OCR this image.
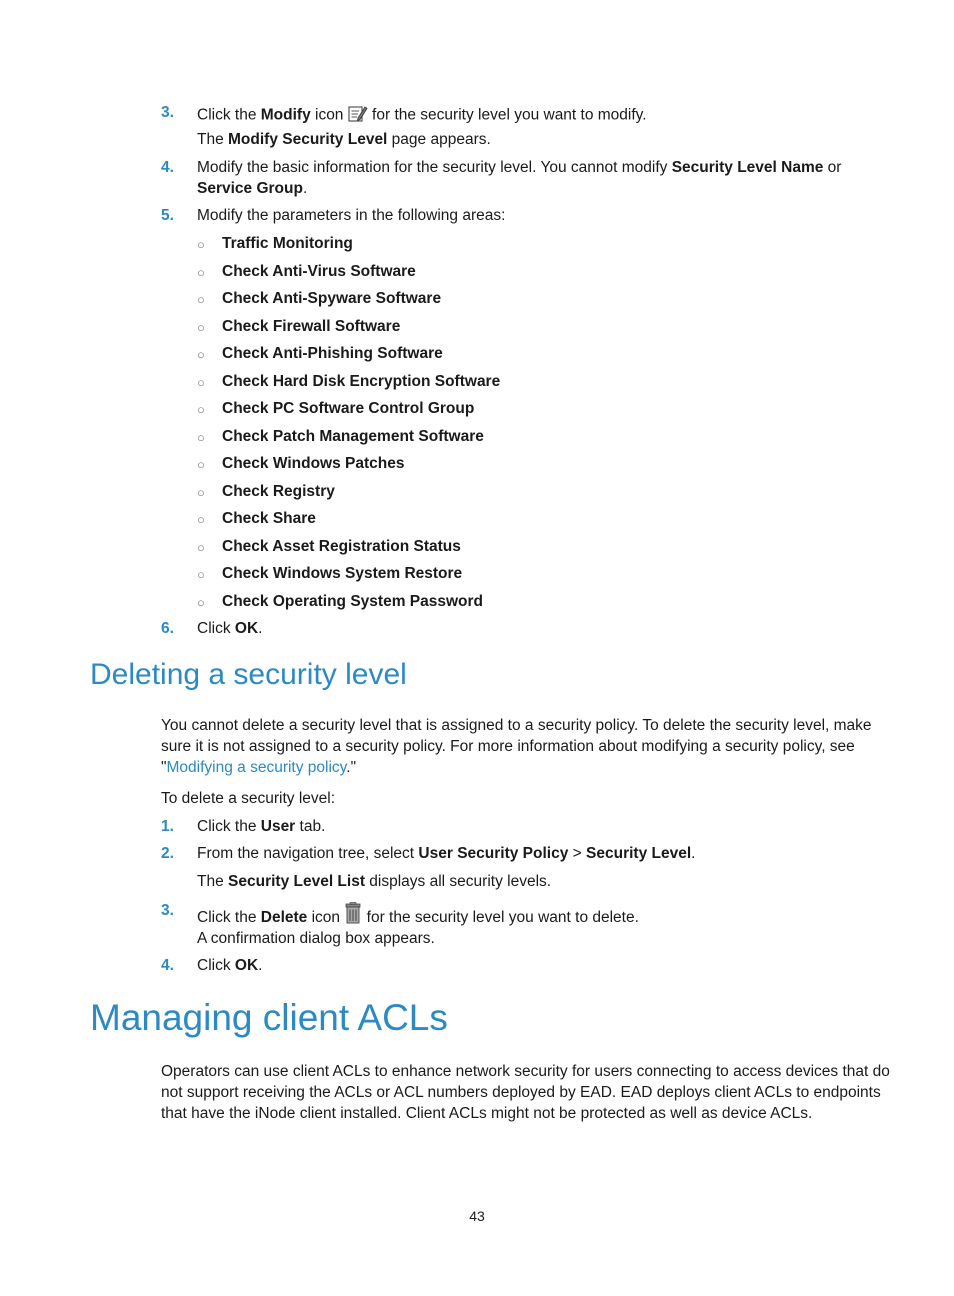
3. Click the Modify icon  for the security level you want to modify.
The Modify Security Level page appears.
4. Modify the basic information for the security level. You cannot modify Security Level Name or
Service Group.
5. Modify the parameters in the following areas:
○ Traffic Monitoring
○ Check Anti-Virus Software
○ Check Anti-Spyware Software
○ Check Firewall Software
○ Check Anti-Phishing Software
○ Check Hard Disk Encryption Software
○ Check PC Software Control Group
○ Check Patch Management Software
○ Check Windows Patches
○ Check Registry
○ Check Share
○ Check Asset Registration Status
○ Check Windows System Restore
○ Check Operating System Password
6. Click OK.
Deleting a security level
You cannot delete a security level that is assigned to a security policy. To delete the security level, make
sure it is not assigned to a security policy. For more information about modifying a security policy, see
"Modifying a security policy."
To delete a security level:
1. Click the User tab.
2. From the navigation tree, select User Security Policy > Security Level.
The Security Level List displays all security levels.
3. Click the Delete icon  for the security level you want to delete.
A confirmation dialog box appears.
4. Click OK.
Managing client ACLs
Operators can use client ACLs to enhance network security for users connecting to access devices that do
not support receiving the ACLs or ACL numbers deployed by EAD. EAD deploys client ACLs to endpoints
that have the iNode client installed. Client ACLs might not be protected as well as device ACLs.
43
